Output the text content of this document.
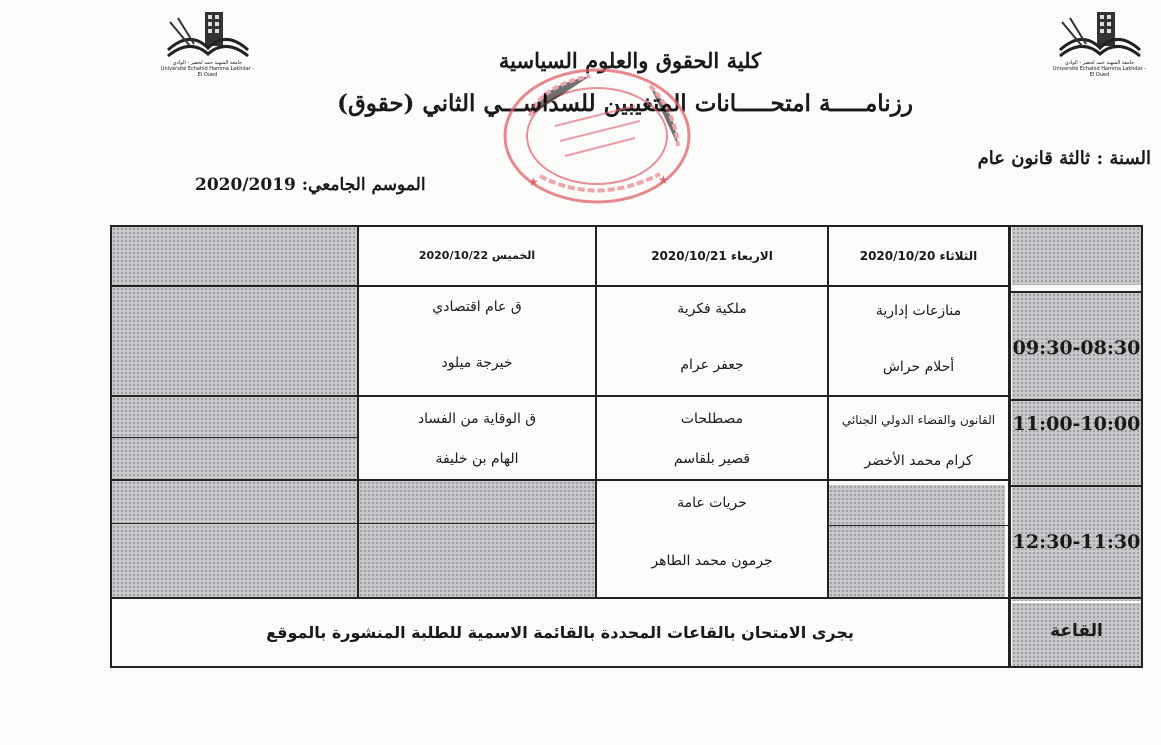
جامعة الشهيد حمه لخضر - الوادي
Université Echahid Hamma Lakhdar - El Oued
جامعة الشهيد حمه لخضر - الوادي
Université Echahid Hamma Lakhdar - El Oued
كلية الحقوق والعلوم السياسية
رزنامـــــة امتحـــــانات المتغيبين للسداســـي الثاني (حقوق)
السنة : ثالثة قانون عام
الموسم الجامعي: 2020/2019	★	★
الثلاثاء 2020/10/20
الاربعاء 2020/10/21
الخميس 2020/10/22
09:30-08:30
11:00-10:00
12:30-11:30
منازعات إدارية
أحلام حراش
ملكية فكرية
جعفر عرام
ق عام اقتصادي
خيرجة ميلود
القانون والقضاء الدولي الجنائي
كرام محمد الأخضر
مصطلحات
قصير بلقاسم
ق الوقاية من الفساد
الهام بن خليفة
حريات عامة
جرمون محمد الطاهر
القاعة
يجرى الامتحان بالقاعات المحددة بالقائمة الاسمية للطلبة المنشورة بالموقع
